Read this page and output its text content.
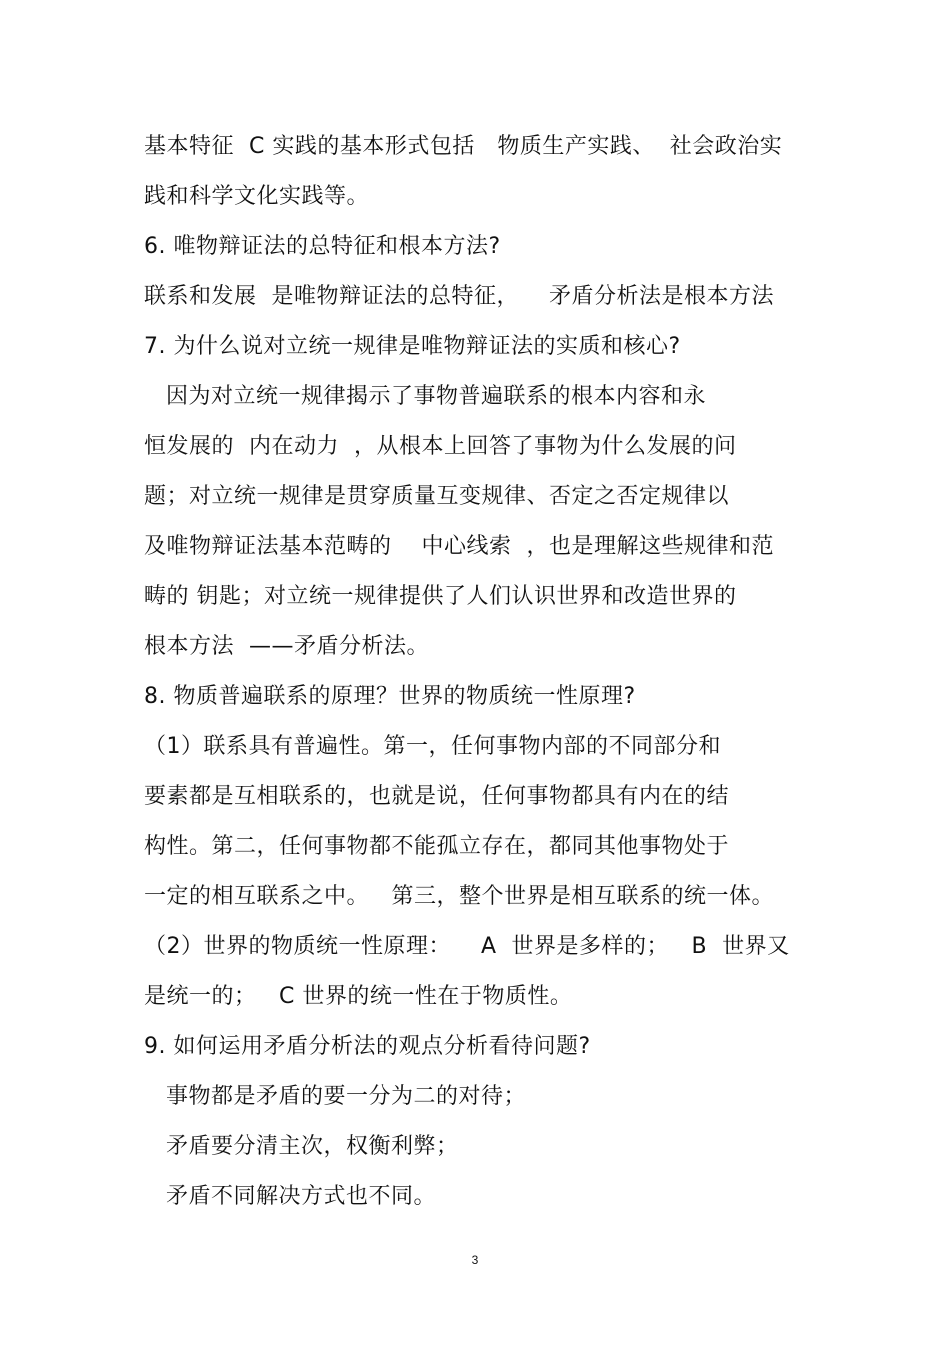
基本特征  C 实践的基本形式包括   物质生产实践、  社会政治实
践和科学文化实践等。
6. 唯物辩证法的总特征和根本方法?
联系和发展  是唯物辩证法的总特征，    矛盾分析法是根本方法
7. 为什么说对立统一规律是唯物辩证法的实质和核心?
因为对立统一规律揭示了事物普遍联系的根本内容和永
恒发展的  内在动力  ，从根本上回答了事物为什么发展的问
题；对立统一规律是贯穿质量互变规律、否定之否定规律以
及唯物辩证法基本范畴的    中心线索  ，也是理解这些规律和范
畴的 钥匙；对立统一规律提供了人们认识世界和改造世界的
根本方法  ——矛盾分析法。
8. 物质普遍联系的原理？世界的物质统一性原理?
（1）联系具有普遍性。第一，任何事物内部的不同部分和
要素都是互相联系的，也就是说，任何事物都具有内在的结
构性。第二，任何事物都不能孤立存在，都同其他事物处于
一定的相互联系之中。   第三，整个世界是相互联系的统一体。
（2）世界的物质统一性原理：    A  世界是多样的；   B  世界又
是统一的；   C 世界的统一性在于物质性。
9. 如何运用矛盾分析法的观点分析看待问题?
事物都是矛盾的要一分为二的对待；
矛盾要分清主次，权衡利弊；
矛盾不同解决方式也不同。
3
